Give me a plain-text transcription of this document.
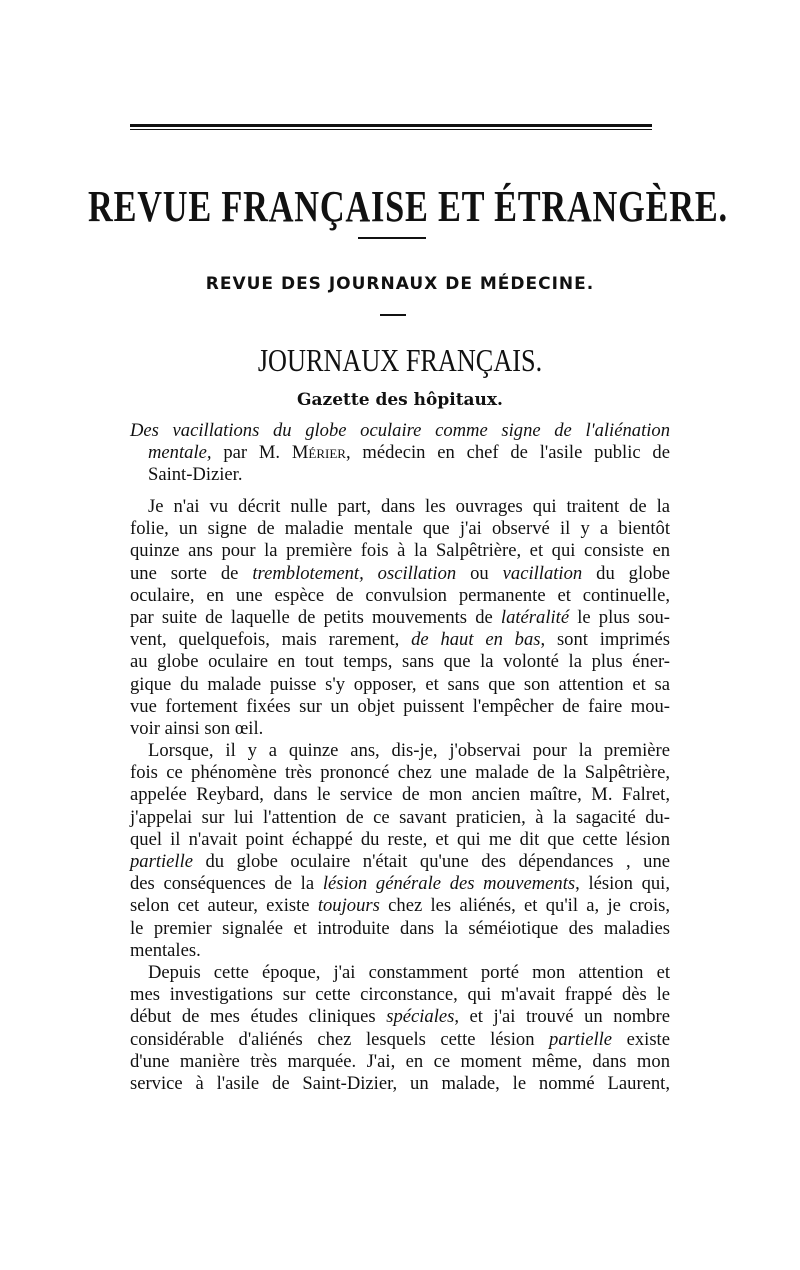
REVUE FRANÇAISE ET ÉTRANGÈRE.
REVUE DES JOURNAUX DE MÉDECINE.
JOURNAUX FRANÇAIS.
Gazette des hôpitaux.
Des vacillations du globe oculaire comme signe de l'aliénation
mentale, par M. Mérier, médecin en chef de l'asile public de
Saint-Dizier.
Je n'ai vu décrit nulle part, dans les ouvrages qui traitent de la
folie, un signe de maladie mentale que j'ai observé il y a bientôt
quinze ans pour la première fois à la Salpêtrière, et qui consiste en
une sorte de tremblotement, oscillation ou vacillation du globe
oculaire, en une espèce de convulsion permanente et continuelle,
par suite de laquelle de petits mouvements de latéralité le plus sou-
vent, quelquefois, mais rarement, de haut en bas, sont imprimés
au globe oculaire en tout temps, sans que la volonté la plus éner-
gique du malade puisse s'y opposer, et sans que son attention et sa
vue fortement fixées sur un objet puissent l'empêcher de faire mou-
voir ainsi son œil.
Lorsque, il y a quinze ans, dis-je, j'observai pour la première
fois ce phénomène très prononcé chez une malade de la Salpêtrière,
appelée Reybard, dans le service de mon ancien maître, M. Falret,
j'appelai sur lui l'attention de ce savant praticien, à la sagacité du-
quel il n'avait point échappé du reste, et qui me dit que cette lésion
partielle du globe oculaire n'était qu'une des dépendances , une
des conséquences de la lésion générale des mouvements, lésion qui,
selon cet auteur, existe toujours chez les aliénés, et qu'il a, je crois,
le premier signalée et introduite dans la séméiotique des maladies
mentales.
Depuis cette époque, j'ai constamment porté mon attention et
mes investigations sur cette circonstance, qui m'avait frappé dès le
début de mes études cliniques spéciales, et j'ai trouvé un nombre
considérable d'aliénés chez lesquels cette lésion partielle existe
d'une manière très marquée. J'ai, en ce moment même, dans mon
service à l'asile de Saint-Dizier, un malade, le nommé Laurent,
